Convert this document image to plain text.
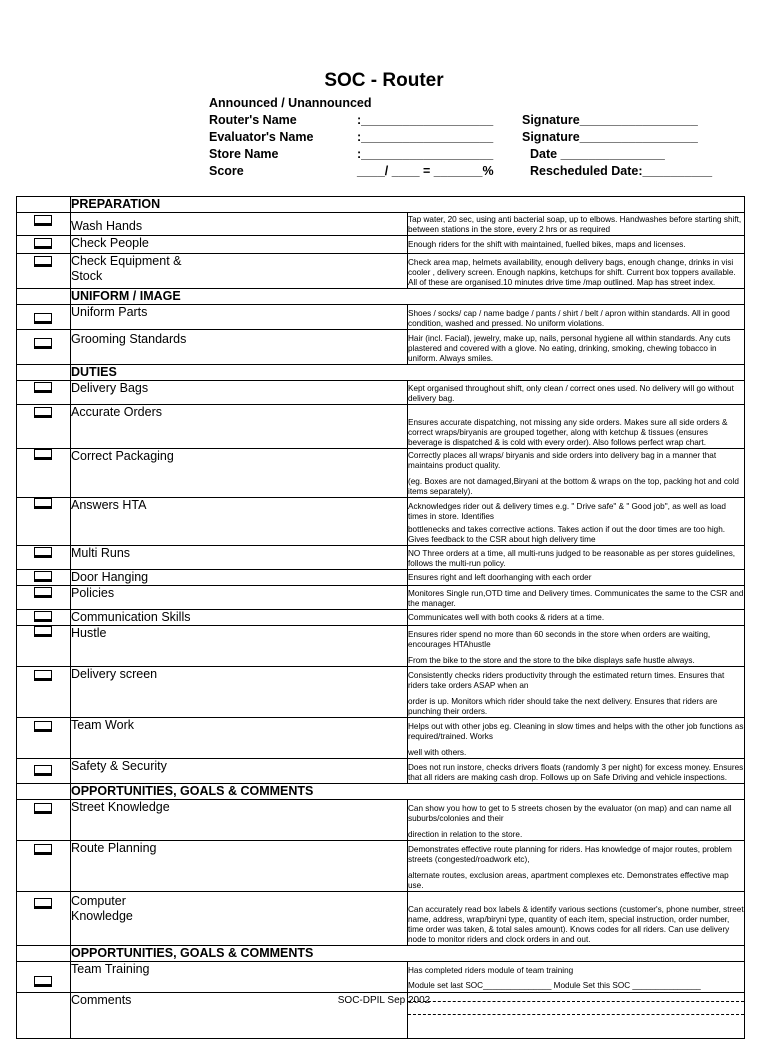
SOC - Router
Announced / Unannounced
Router's Name	:___________________ Signature_________________
Evaluator's Name	:___________________ Signature_________________
Store Name	:___________________	Date _______________
Score	____/ ____ = _______%	Rescheduled Date:__________
	PREPARATION	

	Wash Hands	Tap water, 20 sec, using anti bacterial soap, up to elbows. Handwashes before starting shift, between stations in the store, every 2 hrs or as required

	Check People	Enough riders for the shift with maintained, fuelled bikes, maps and licenses.

	Check Equipment &
Stock	Check area map, helmets availability, enough delivery bags, enough change, drinks in visi cooler , delivery screen. Enough napkins, ketchups for shift. Current box toppers available. All of these are organised.10 minutes drive time /map outlined. Map has street index.
	UNIFORM / IMAGE	

	Uniform Parts	Shoes / socks/ cap / name badge / pants / shirt / belt / apron within standards. All in good condition, washed and pressed. No uniform violations.

	Grooming Standards	Hair (incl. Facial), jewelry, make up, nails, personal hygiene all within standards. Any cuts plastered and covered with a glove. No eating, drinking, smoking, chewing tobacco in uniform. Always smiles.
	DUTIES	

	Delivery Bags	Kept organised throughout shift, only clean / correct ones used. No delivery will go without delivery bag.

	Accurate Orders	Ensures accurate dispatching, not missing any side orders. Makes sure all side orders & correct wraps/biryanis are grouped together, along with ketchup & tissues (ensures beverage is dispatched & is cold with every order). Also follows perfect wrap chart.

	Correct Packaging	Correctly places all wraps/ biryanis and side orders into delivery bag in a manner that maintains product quality.
(eg. Boxes are not damaged,Biryani at the bottom & wraps on the top, packing hot and cold items separately).

	Answers HTA	Acknowledges rider out & delivery times e.g. " Drive safe" & " Good job", as well as load times in store. Identifies
bottlenecks and takes corrective actions. Takes action if out the door times are too high. Gives feedback to the CSR about high delivery time

	Multi Runs	NO Three orders at a time, all multi-runs judged to be reasonable as per stores guidelines, follows the multi-run policy.

	Door Hanging	Ensures right and left doorhanging with each order

	Policies	Monitores Single run,OTD time and Delivery times. Communicates the same to the CSR and the manager.

	Communication Skills	Communicates well with both cooks & riders at a time.

	Hustle	Ensures rider spend no more than 60 seconds in the store when orders are waiting, encourages HTAhustle
From the bike to the store and the store to the bike displays safe hustle always.

	Delivery screen	Consistently checks riders productivity through the estimated return times. Ensures that riders take orders ASAP when an
order is up. Monitors which rider should take the next delivery. Ensures that riders are punching their orders.

	Team Work	Helps out with other jobs eg. Cleaning in slow times and helps with the other job functions as required/trained. Works
well with others.

	Safety & Security	Does not run instore, checks drivers floats (randomly 3 per night) for excess money. Ensures that all riders are making cash drop. Follows up on Safe Driving and vehicle inspections.
	OPPORTUNITIES, GOALS & COMMENTS	

	Street Knowledge	Can show you how to get to 5 streets chosen by the evaluator (on map) and can name all suburbs/colonies and their
direction in relation to the store.

	Route Planning	Demonstrates effective route planning for riders. Has knowledge of major routes, problem streets (congested/roadwork etc),
alternate routes, exclusion areas, apartment complexes etc. Demonstrates effective map use.

	Computer
Knowledge	Can accurately read box labels & identify various sections (customer's, phone number, street name, address, wrap/biryni type, quantity of each item, special instruction, order number, time order was taken, & total sales amount). Knows codes for all riders. Can use delivery node to monitor riders and clock orders in and out.
	OPPORTUNITIES, GOALS & COMMENTS	

	Team Training	Has completed riders module of team training
Module set last SOC_______________ Module Set this SOC _______________

	Comments		SOC-DPIL Sep 2002
